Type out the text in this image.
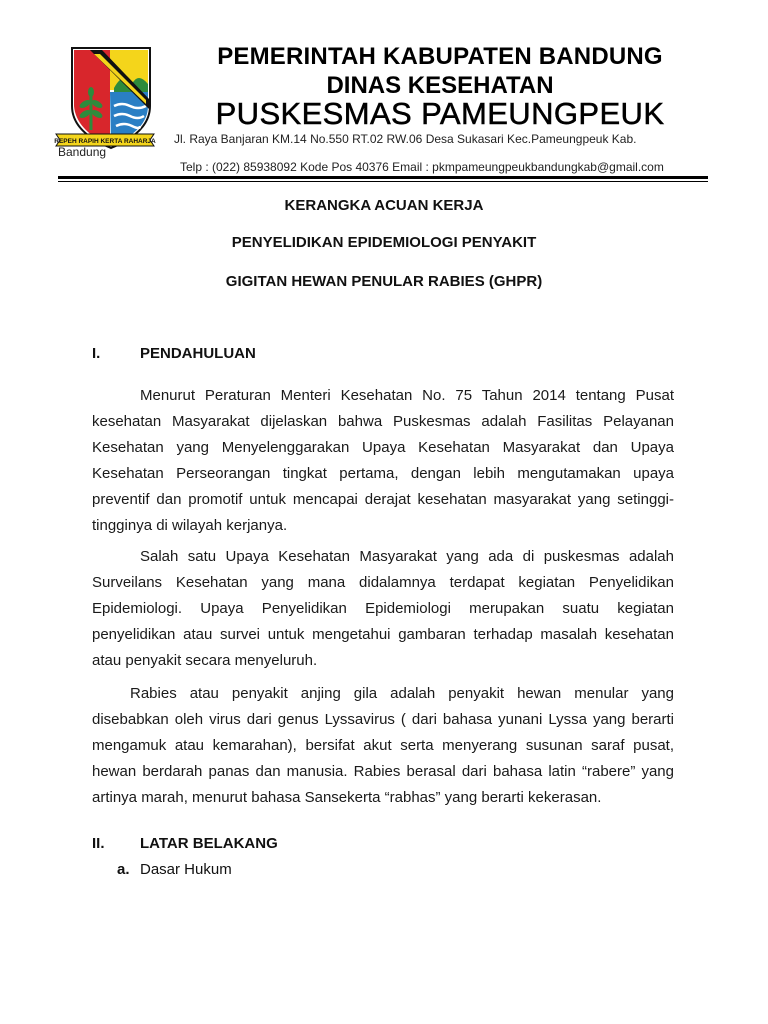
REPEH RAPIH KERTA RAHARJA
PEMERINTAH KABUPATEN BANDUNG
DINAS KESEHATAN
PUSKESMAS PAMEUNGPEUK
Jl. Raya Banjaran KM.14 No.550 RT.02 RW.06 Desa Sukasari Kec.Pameungpeuk Kab.
Bandung
Telp : (022) 85938092 Kode Pos 40376 Email : pkmpameungpeukbandungkab@gmail.com
KERANGKA ACUAN KERJA
PENYELIDIKAN EPIDEMIOLOGI PENYAKIT
GIGITAN HEWAN PENULAR RABIES (GHPR)
I.	PENDAHULUAN

Menurut Peraturan Menteri Kesehatan No. 75 Tahun 2014 tentang Pusat kesehatan Masyarakat dijelaskan bahwa Puskesmas adalah Fasilitas Pelayanan Kesehatan yang Menyelenggarakan Upaya Kesehatan Masyarakat dan Upaya Kesehatan Perseorangan tingkat pertama, dengan lebih mengutamakan upaya preventif dan promotif untuk mencapai derajat kesehatan masyarakat yang setinggi-tingginya di wilayah kerjanya.

Salah satu Upaya Kesehatan Masyarakat yang ada di puskesmas adalah Surveilans Kesehatan yang mana didalamnya terdapat kegiatan Penyelidikan Epidemiologi. Upaya Penyelidikan Epidemiologi merupakan suatu kegiatan penyelidikan atau survei untuk mengetahui gambaran terhadap masalah kesehatan atau penyakit secara menyeluruh.

Rabies atau penyakit anjing gila adalah penyakit hewan menular yang disebabkan oleh virus dari genus Lyssavirus ( dari bahasa yunani Lyssa yang berarti mengamuk atau kemarahan), bersifat akut serta menyerang susunan saraf pusat, hewan berdarah panas dan manusia. Rabies berasal dari bahasa latin “rabere” yang artinya marah, menurut bahasa Sansekerta “rabhas” yang berarti kekerasan.

II. LATAR BELAKANG
a. Dasar Hukum
